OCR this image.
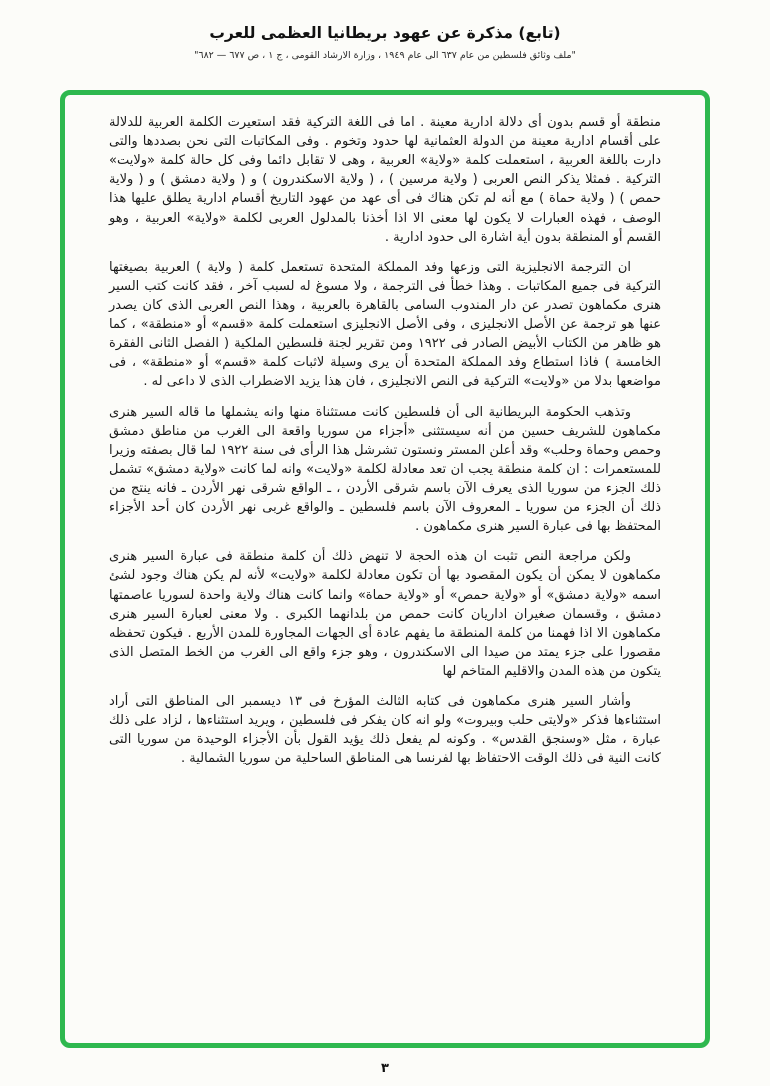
(تابع) مذكرة عن عهود بريطانيا العظمى للعرب
"ملف وثائق فلسطين من عام ٦٣٧ الى عام ١٩٤٩ ، وزارة الارشاد القومى ، ج ١ ، ص ٦٧٧ — ٦٨٢"

منطقة أو قسم بدون أى دلالة ادارية معينة . اما فى اللغة التركية فقد استعيرت الكلمة العربية للدلالة على أقسام ادارية معينة من الدولة العثمانية لها حدود وتخوم . وفى المكاتبات التى نحن بصددها والتى دارت باللغة العربية ، استعملت كلمة «ولاية» العربية ، وهى لا تقابل دائما وفى كل حالة كلمة «ولايت» التركية . فمثلا يذكر النص العربى ( ولاية مرسين ) ، ( ولاية الاسكندرون ) و ( ولاية دمشق ) و ( ولاية حمص ) ( ولاية حماة ) مع أنه لم تكن هناك فى أى عهد من عهود التاريخ أقسام ادارية يطلق عليها هذا الوصف ، فهذه العبارات لا يكون لها معنى الا اذا أخذنا بالمدلول العربى لكلمة «ولاية» العربية ، وهو القسم أو المنطقة بدون أية اشارة الى حدود ادارية .

ان الترجمة الانجليزية التى وزعها وفد المملكة المتحدة تستعمل كلمة ( ولاية ) العربية بصيغتها التركية فى جميع المكاتبات . وهذا خطأ فى الترجمة ، ولا مسوغ له لسبب آخر ، فقد كانت كتب السير هنرى مكماهون تصدر عن دار المندوب السامى بالقاهرة بالعربية ، وهذا النص العربى الذى كان يصدر عنها هو ترجمة عن الأصل الانجليزى ، وفى الأصل الانجليزى استعملت كلمة «قسم» أو «منطقة» ، كما هو ظاهر من الكتاب الأبيض الصادر فى ١٩٢٢ ومن تقرير لجنة فلسطين الملكية ( الفصل الثانى الفقرة الخامسة ) فاذا استطاع وفد المملكة المتحدة أن يرى وسيلة لاثبات كلمة «قسم» أو «منطقة» ، فى مواضعها بدلا من «ولايت» التركية فى النص الانجليزى ، فان هذا يزيد الاضطراب الذى لا داعى له .

وتذهب الحكومة البريطانية الى أن فلسطين كانت مستثناة منها وانه يشملها ما قاله السير هنرى مكماهون للشريف حسين من أنه سيستثنى «أجزاء من سوريا واقعة الى الغرب من مناطق دمشق وحمص وحماة وحلب» وقد أعلن المستر ونستون تشرشل هذا الرأى فى سنة ١٩٢٢ لما قال بصفته وزيرا للمستعمرات : ان كلمة منطقة يجب ان تعد معادلة لكلمة «ولايت» وانه لما كانت «ولاية دمشق» تشمل ذلك الجزء من سوريا الذى يعرف الآن باسم شرقى الأردن ، ـ الواقع شرقى نهر الأردن ـ فانه ينتج من ذلك أن الجزء من سوريا ـ المعروف الآن باسم فلسطين ـ والواقع غربى نهر الأردن كان أحد الأجزاء المحتفظ بها فى عبارة السير هنرى مكماهون .

ولكن مراجعة النص تثبت ان هذه الحجة لا تنهض ذلك أن كلمة منطقة فى عبارة السير هنرى مكماهون لا يمكن أن يكون المقصود بها أن تكون معادلة لكلمة «ولايت» لأنه لم يكن هناك وجود لشئ اسمه «ولاية دمشق» أو «ولاية حمص» أو «ولاية حماة» وانما كانت هناك ولاية واحدة لسوريا عاصمتها دمشق ، وقسمان صغيران اداريان كانت حمص من بلدانهما الكبرى . ولا معنى لعبارة السير هنرى مكماهون الا اذا فهمنا من كلمة المنطقة ما يفهم عادة أى الجهات المجاورة للمدن الأربع . فيكون تحفظه مقصورا على جزء يمتد من صيدا الى الاسكندرون ، وهو جزء واقع الى الغرب من الخط المتصل الذى يتكون من هذه المدن والاقليم المتاخم لها

وأشار السير هنرى مكماهون فى كتابه الثالث المؤرخ فى ١٣ ديسمبر الى المناطق التى أراد استثناءها فذكر «ولايتى حلب وبيروت» ولو انه كان يفكر فى فلسطين ، ويريد استثناءها ، لزاد على ذلك عبارة ، مثل «وسنجق القدس» . وكونه لم يفعل ذلك يؤيد القول بأن الأجزاء الوحيدة من سوريا التى كانت النية فى ذلك الوقت الاحتفاظ بها لفرنسا هى المناطق الساحلية من سوريا الشمالية .

٣
